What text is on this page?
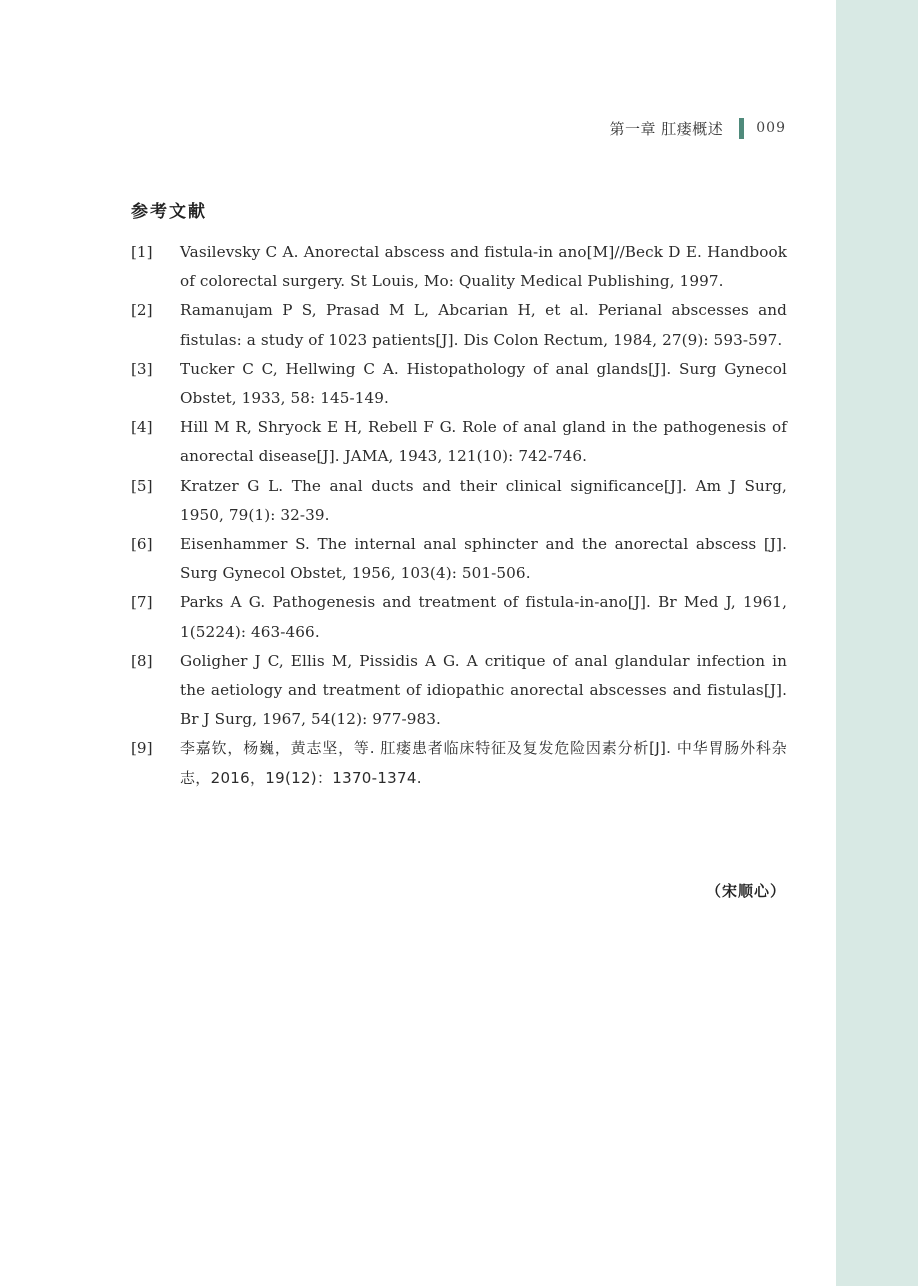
第一章 肛瘘概述 009
参考文献
[1]	Vasilevsky C A. Anorectal abscess and fistula-in ano[M]//Beck D E. Handbook of colorectal surgery. St Louis, Mo: Quality Medical Publishing, 1997.
[2]	Ramanujam P S, Prasad M L, Abcarian H, et al. Perianal abscesses and fistulas: a study of 1023 patients[J]. Dis Colon Rectum, 1984, 27(9): 593-597.
[3]	Tucker C C, Hellwing C A. Histopathology of anal glands[J]. Surg Gynecol Obstet, 1933, 58: 145-149.
[4]	Hill M R, Shryock E H, Rebell F G. Role of anal gland in the pathogenesis of anorectal disease[J]. JAMA, 1943, 121(10): 742-746.
[5]	Kratzer G L. The anal ducts and their clinical significance[J]. Am J Surg, 1950, 79(1): 32-39.
[6]	Eisenhammer S. The internal anal sphincter and the anorectal abscess [J]. Surg Gynecol Obstet, 1956, 103(4): 501-506.
[7]	Parks A G. Pathogenesis and treatment of fistula-in-ano[J]. Br Med J, 1961, 1(5224): 463-466.
[8]	Goligher J C, Ellis M, Pissidis A G. A critique of anal glandular infection in the aetiology and treatment of idiopathic anorectal abscesses and fistulas[J]. Br J Surg, 1967, 54(12): 977-983.
[9]	李嘉钦，杨巍，黄志坚，等. 肛瘘患者临床特征及复发危险因素分析[J]. 中华胃肠外科杂志，2016，19(12)：1370-1374.
（宋顺心）
